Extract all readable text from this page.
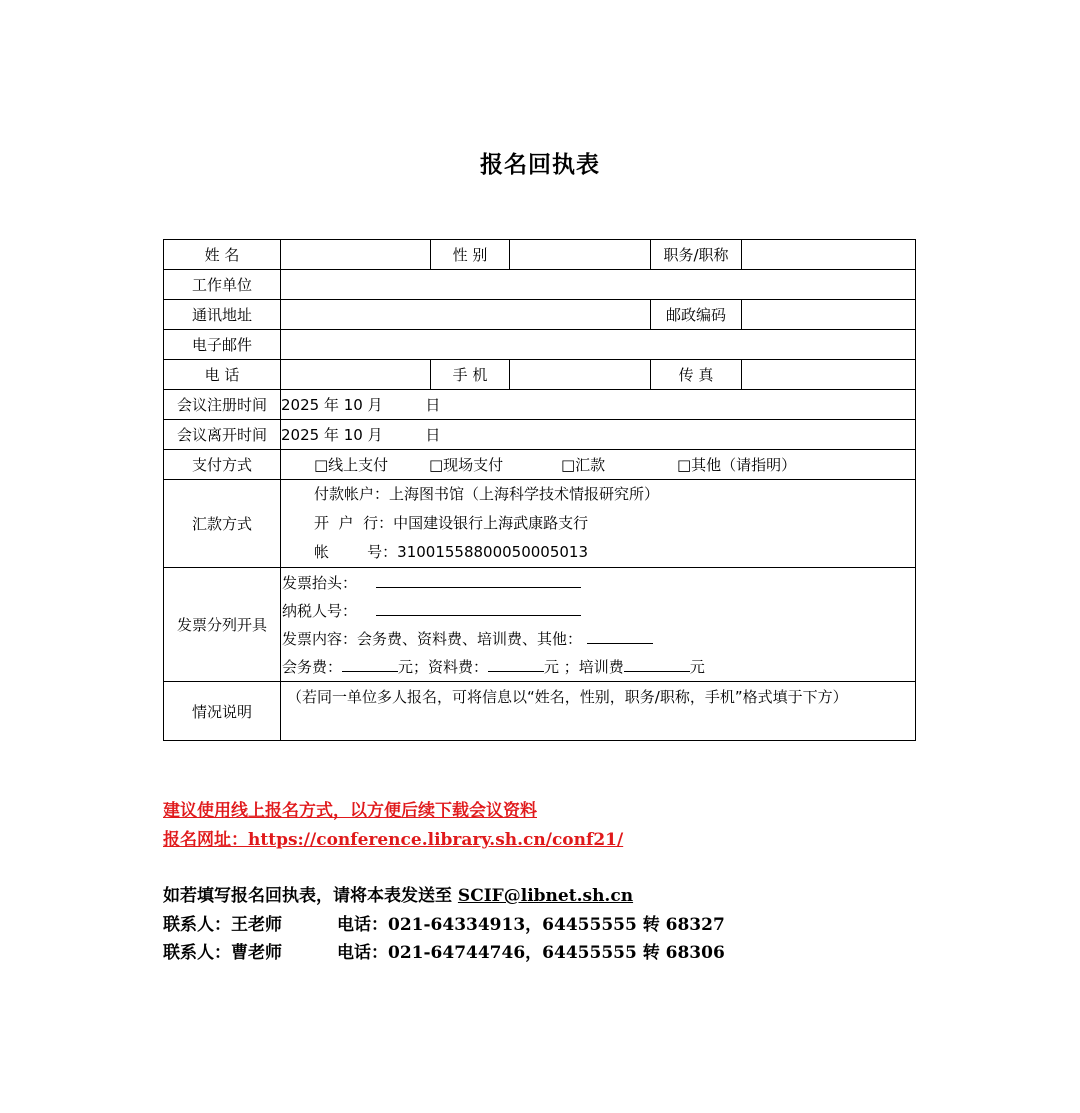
报名回执表
姓 名		性 别		职务/职称	
工作单位					
通讯地址				邮政编码	
电子邮件					
电 话		手 机		传 真	
会议注册时间	2025 年 10 月 日				
会议离开时间	2025 年 10 月 日				
支付方式	□线上支付 □现场支付 □汇款 □其他（请指明）				

汇款方式	付款帐户：上海图书馆（上海科学技术情报研究所）
开  户  行：中国建设银行上海武康路支行
帐        号：31001558800050005013				

发票分列开具	发票抬头：
纳税人号：
发票内容：会务费、资料费、培训费、其他：
会务费： 元；资料费： 元 ；培训费 元				

情况说明	（若同一单位多人报名，可将信息以“姓名，性别，职务/职称，手机”格式填于下方）				
建议使用线上报名方式，以方便后续下载会议资料
报名网址：https://conference.library.sh.cn/conf21/
如若填写报名回执表，请将本表发送至 SCIF@libnet.sh.cn
联系人：王老师	电话：021-64334913，64455555 转 68327
联系人：曹老师	电话：021-64744746，64455555 转 68306
